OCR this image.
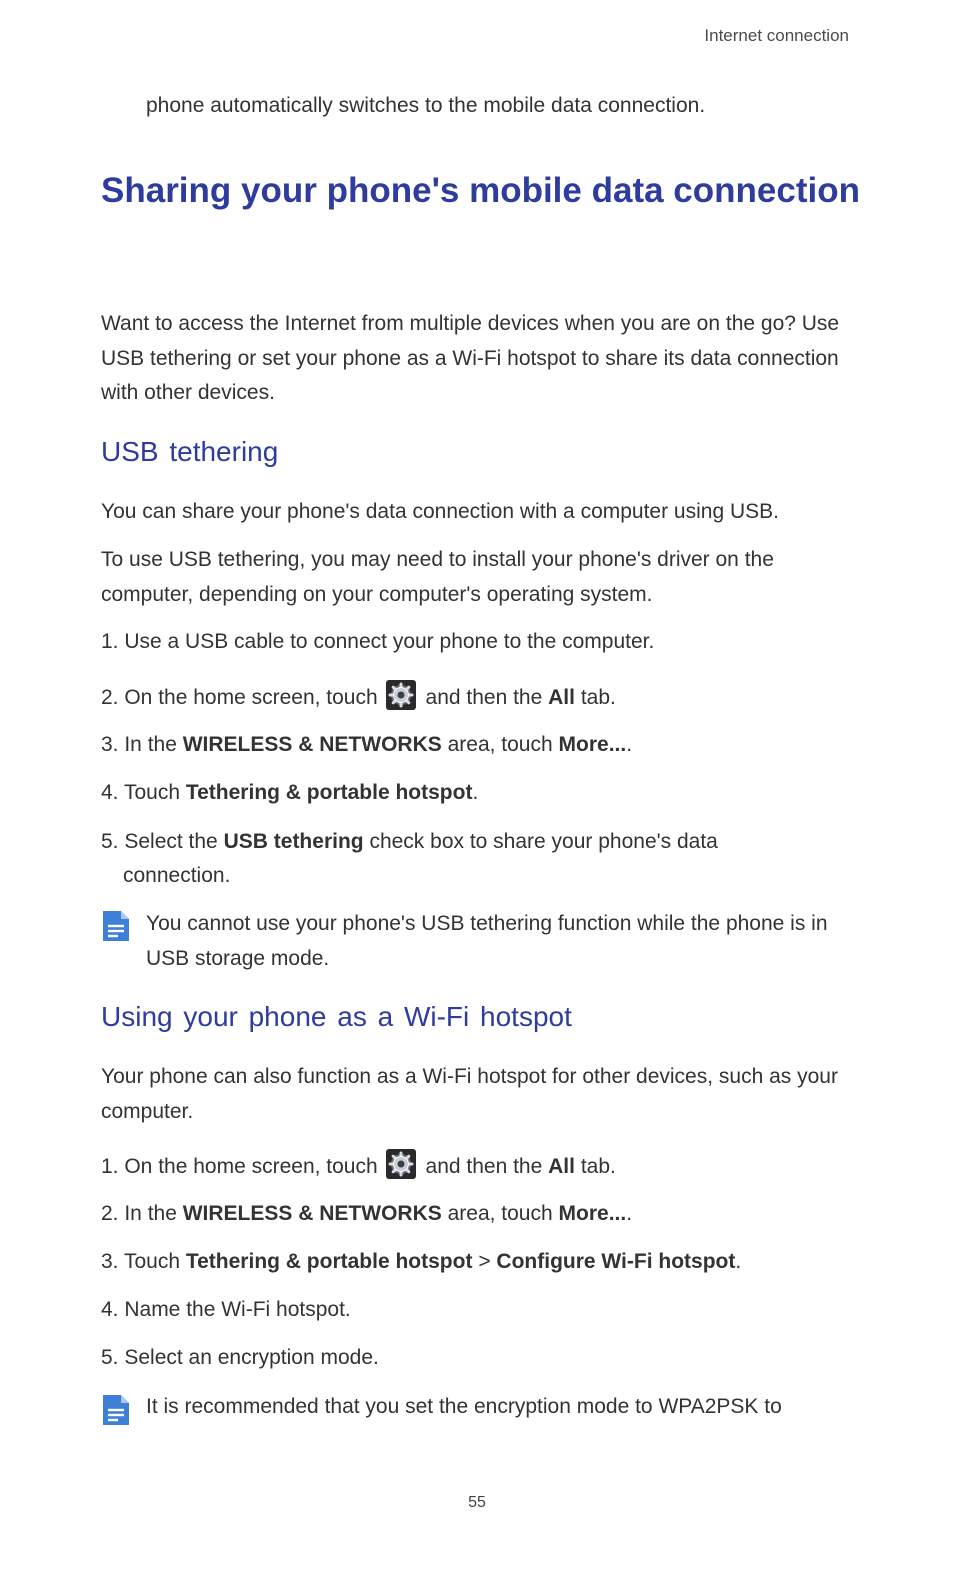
Internet connection
phone automatically switches to the mobile data connection.
Sharing your phone's mobile data connection

Want to access the Internet from multiple devices when you are on the go? Use USB tethering or set your phone as a Wi-Fi hotspot to share its data connection with other devices.

USB tethering

You can share your phone's data connection with a computer using USB.

To use USB tethering, you may need to install your phone's driver on the computer, depending on your computer's operating system.

1. Use a USB cable to connect your phone to the computer.

2. On the home screen, touch and then the All tab.

3. In the WIRELESS & NETWORKS area, touch More....

4. Touch Tethering & portable hotspot.

5. Select the USB tethering check box to share your phone's data
connection.

You cannot use your phone's USB tethering function while the phone is in USB storage mode.

Using your phone as a Wi-Fi hotspot

Your phone can also function as a Wi-Fi hotspot for other devices, such as your computer.

1. On the home screen, touch and then the All tab.

2. In the WIRELESS & NETWORKS area, touch More....

3. Touch Tethering & portable hotspot > Configure Wi-Fi hotspot.

4. Name the Wi-Fi hotspot.

5. Select an encryption mode.

It is recommended that you set the encryption mode to WPA2PSK to

55
